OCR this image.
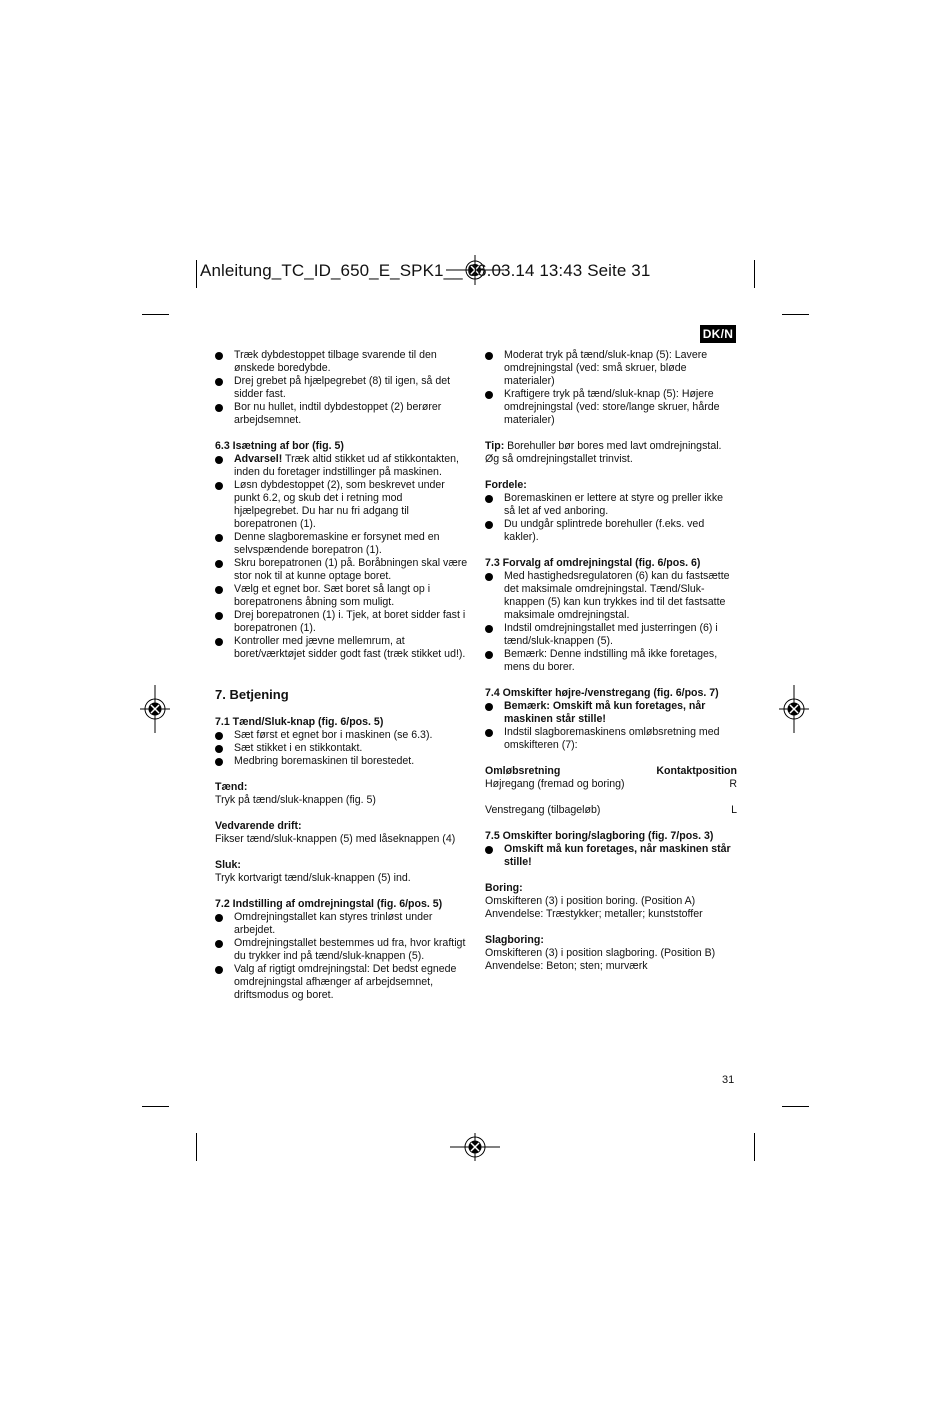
Anleitung_TC_ID_650_E_SPK1__ 06.03.14 13:43 Seite 31
DK/N
Træk dybdestoppet tilbage svarende til den ønskede boredybde.
Drej grebet på hjælpegrebet (8) til igen, så det sidder fast.
Bor nu hullet, indtil dybdestoppet (2) berører arbejdsemnet.
6.3 Isætning af bor (fig. 5)
Advarsel! Træk altid stikket ud af stikkontakten, inden du foretager indstillinger på maskinen.
Løsn dybdestoppet (2), som beskrevet under punkt 6.2, og skub det i retning mod hjælpegrebet. Du har nu fri adgang til borepatronen (1).
Denne slagboremaskine er forsynet med en selvspændende borepatron (1).
Skru borepatronen (1) på. Boråbningen skal være stor nok til at kunne optage boret.
Vælg et egnet bor. Sæt boret så langt op i borepatronens åbning som muligt.
Drej borepatronen (1) i. Tjek, at boret sidder fast i borepatronen (1).
Kontroller med jævne mellemrum, at boret/værktøjet sidder godt fast (træk stikket ud!).
7. Betjening
7.1 Tænd/Sluk-knap (fig. 6/pos. 5)
Sæt først et egnet bor i maskinen (se 6.3).
Sæt stikket i en stikkontakt.
Medbring boremaskinen til borestedet.
Tænd:
Tryk på tænd/sluk-knappen (fig. 5)
Vedvarende drift:
Fikser tænd/sluk-knappen (5) med låseknappen (4)
Sluk:
Tryk kortvarigt tænd/sluk-knappen (5) ind.
7.2 Indstilling af omdrejningstal (fig. 6/pos. 5)
Omdrejningstallet kan styres trinløst under arbejdet.
Omdrejningstallet bestemmes ud fra, hvor kraftigt du trykker ind på tænd/sluk-knappen (5).
Valg af rigtigt omdrejningstal: Det bedst egnede omdrejningstal afhænger af arbejdsemnet, driftsmodus og boret.
Moderat tryk på tænd/sluk-knap (5): Lavere omdrejningstal (ved: små skruer, bløde materialer)
Kraftigere tryk på tænd/sluk-knap (5): Højere omdrejningstal (ved: store/lange skruer, hårde materialer)
Tip: Borehuller bør bores med lavt omdrejningstal. Øg så omdrejningstallet trinvist.
Fordele:
Boremaskinen er lettere at styre og preller ikke så let af ved anboring.
Du undgår splintrede borehuller (f.eks. ved kakler).
7.3 Forvalg af omdrejningstal (fig. 6/pos. 6)
Med hastighedsregulatoren (6) kan du fastsætte det maksimale omdrejningstal. Tænd/Sluk-knappen (5) kan kun trykkes ind til det fastsatte maksimale omdrejningstal.
Indstil omdrejningstallet med justerringen (6) i tænd/sluk-knappen (5).
Bemærk: Denne indstilling må ikke foretages, mens du borer.
7.4 Omskifter højre-/venstregang (fig. 6/pos. 7)
Bemærk: Omskift må kun foretages, når maskinen står stille!
Indstil slagboremaskinens omløbsretning med omskifteren (7):
Omløbsretning	Kontaktposition
Højregang (fremad og boring)	R
Venstregang (tilbageløb)	L
7.5 Omskifter boring/slagboring (fig. 7/pos. 3)
Omskift må kun foretages, når maskinen står stille!
Boring:
Omskifteren (3) i position boring. (Position A)
Anvendelse: Træstykker; metaller; kunststoffer
Slagboring:
Omskifteren (3) i position slagboring. (Position B)
Anvendelse: Beton; sten; murværk
31
